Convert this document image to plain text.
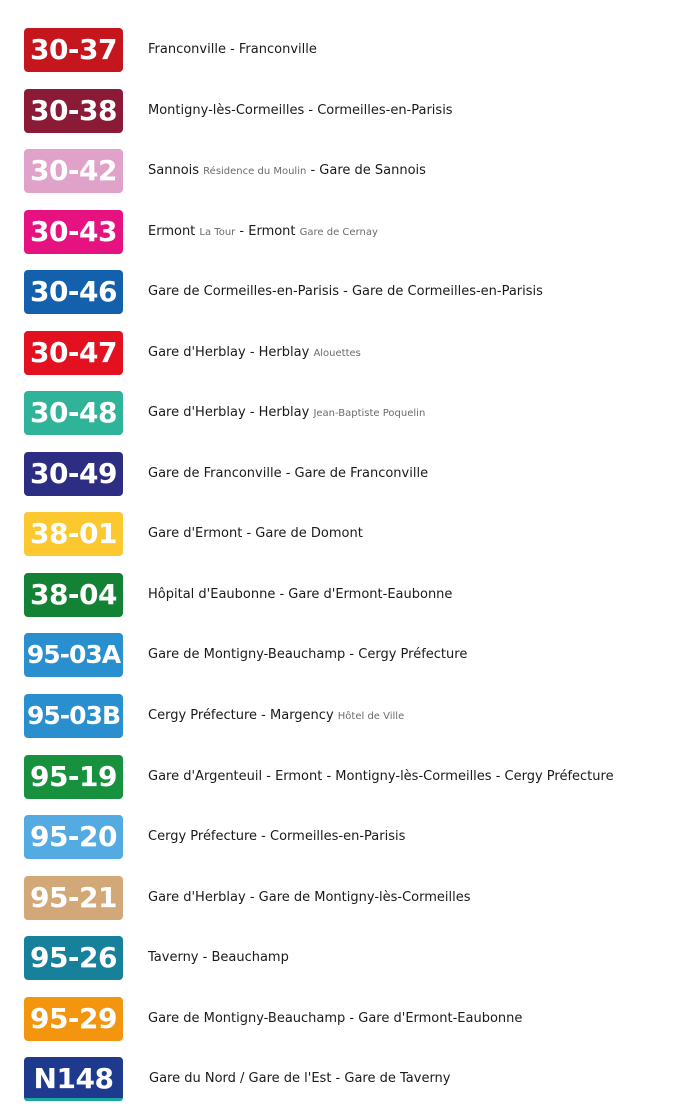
30-37	Franconville - Franconville
30-38	Montigny-lès-Cormeilles - Cormeilles-en-Parisis
30-42	Sannois Résidence du Moulin - Gare de Sannois
30-43	Ermont La Tour - Ermont Gare de Cernay
30-46	Gare de Cormeilles-en-Parisis - Gare de Cormeilles-en-Parisis
30-47	Gare d'Herblay - Herblay Alouettes
30-48	Gare d'Herblay - Herblay Jean-Baptiste Poquelin
30-49	Gare de Franconville - Gare de Franconville
38-01	Gare d'Ermont - Gare de Domont
38-04	Hôpital d'Eaubonne - Gare d'Ermont-Eaubonne
95-03A Gare de Montigny-Beauchamp - Cergy Préfecture
95-03B Cergy Préfecture - Margency Hôtel de Ville
95-19	Gare d'Argenteuil - Ermont - Montigny-lès-Cormeilles - Cergy Préfecture
95-20	Cergy Préfecture - Cormeilles-en-Parisis
95-21	Gare d'Herblay - Gare de Montigny-lès-Cormeilles
95-26	Taverny - Beauchamp
95-29	Gare de Montigny-Beauchamp - Gare d'Ermont-Eaubonne
N148	Gare du Nord / Gare de l'Est - Gare de Taverny
